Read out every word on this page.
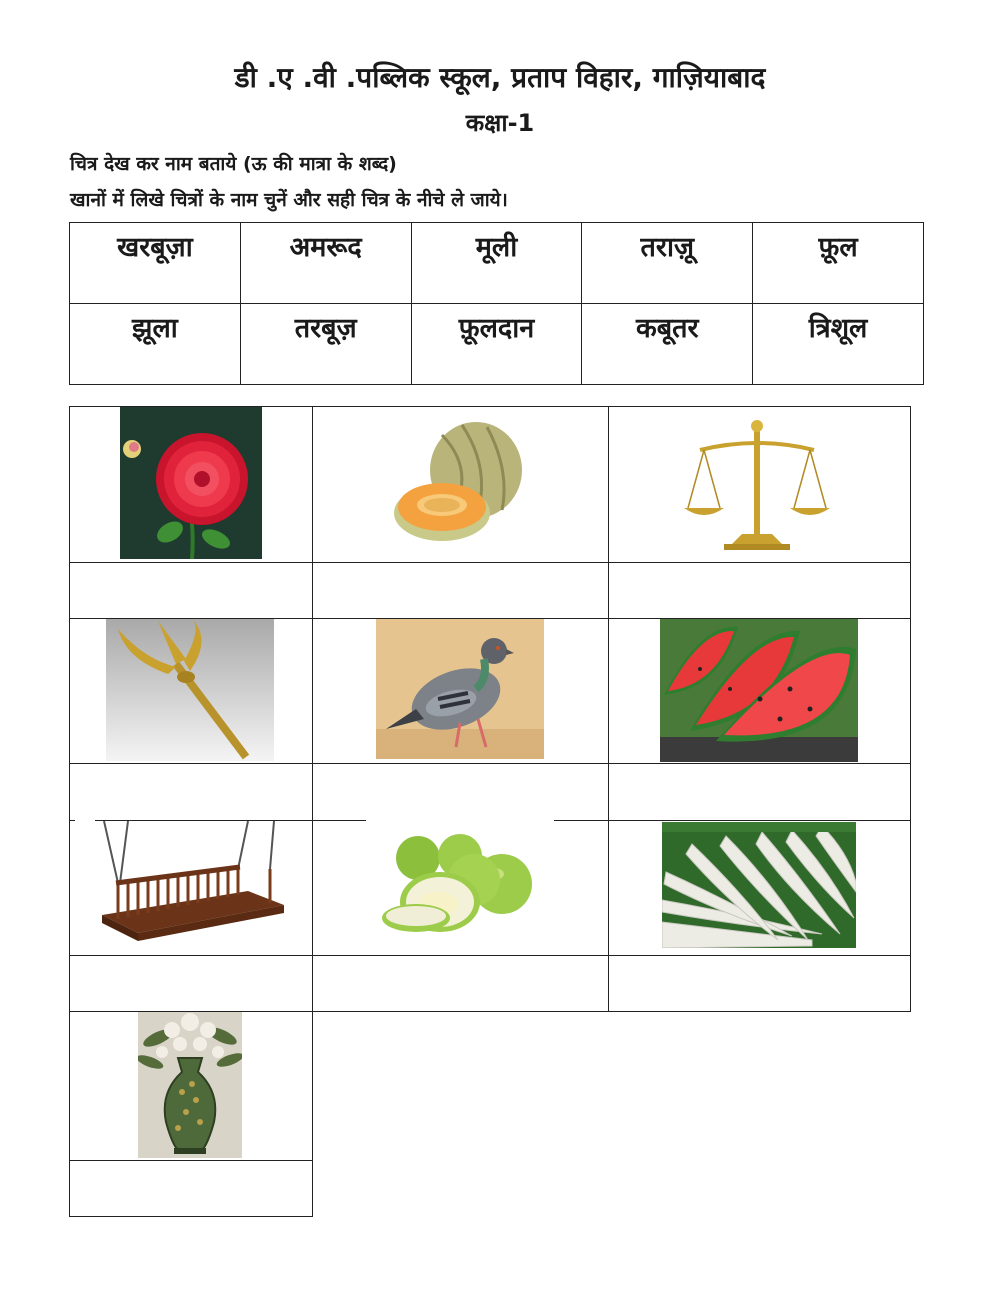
डी .ए .वी .पब्लिक स्कूल, प्रताप विहार, गाज़ियाबाद
कक्षा-1
चित्र देख कर नाम बताये (ऊ की मात्रा के शब्द)
खानों में लिखे चित्रों के नाम चुनें और सही चित्र के नीचे ले जाये।
खरबूज़ा	अमरूद	मूली	तराज़ू	फ़ूल
झूला	तरबूज़	फ़ूलदान	कबूतर	त्रिशूल
